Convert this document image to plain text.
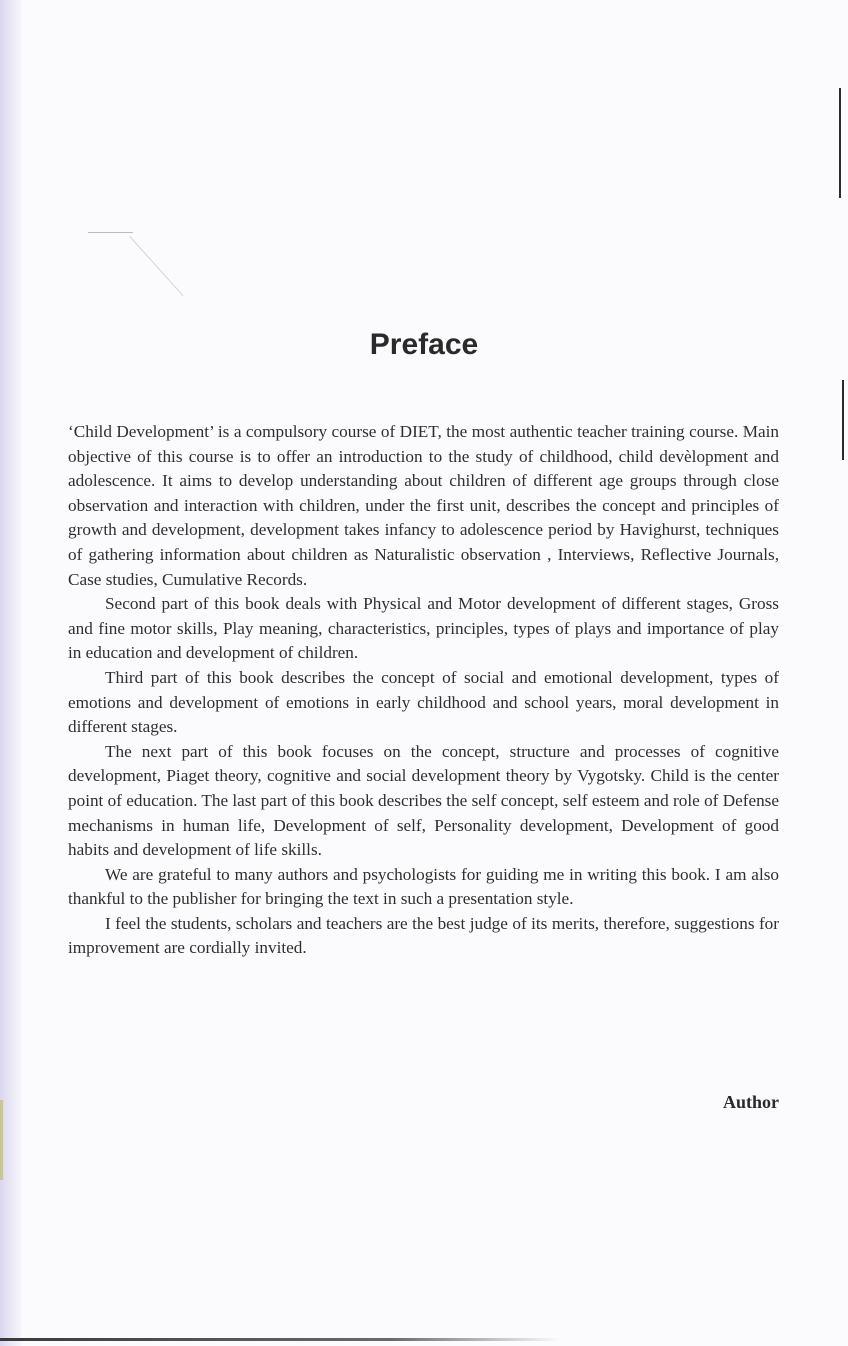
Preface

‘Child Development’ is a compulsory course of DIET, the most authentic teacher training course. Main objective of this course is to offer an introduction to the study of childhood, child devèlopment and adolescence. It aims to develop understanding about children of different age groups through close observation and interaction with children, under the first unit, describes the concept and principles of growth and development, development takes infancy to adolescence period by Havighurst, techniques of gathering information about children as Naturalistic observation , Interviews, Reflective Journals, Case studies, Cumulative Records.

Second part of this book deals with Physical and Motor development of different stages, Gross and fine motor skills, Play meaning, characteristics, principles, types of plays and importance of play in education and development of children.

Third part of this book describes the concept of social and emotional development, types of emotions and development of emotions in early childhood and school years, moral development in different stages.

The next part of this book focuses on the concept, structure and processes of cognitive development, Piaget theory, cognitive and social development theory by Vygotsky. Child is the center point of education. The last part of this book describes the self concept, self esteem and role of Defense mechanisms in human life, Development of self, Personality development, Development of good habits and development of life skills.

We are grateful to many authors and psychologists for guiding me in writing this book. I am also thankful to the publisher for bringing the text in such a presentation style.

I feel the students, scholars and teachers are the best judge of its merits, therefore, suggestions for improvement are cordially invited.

Author
